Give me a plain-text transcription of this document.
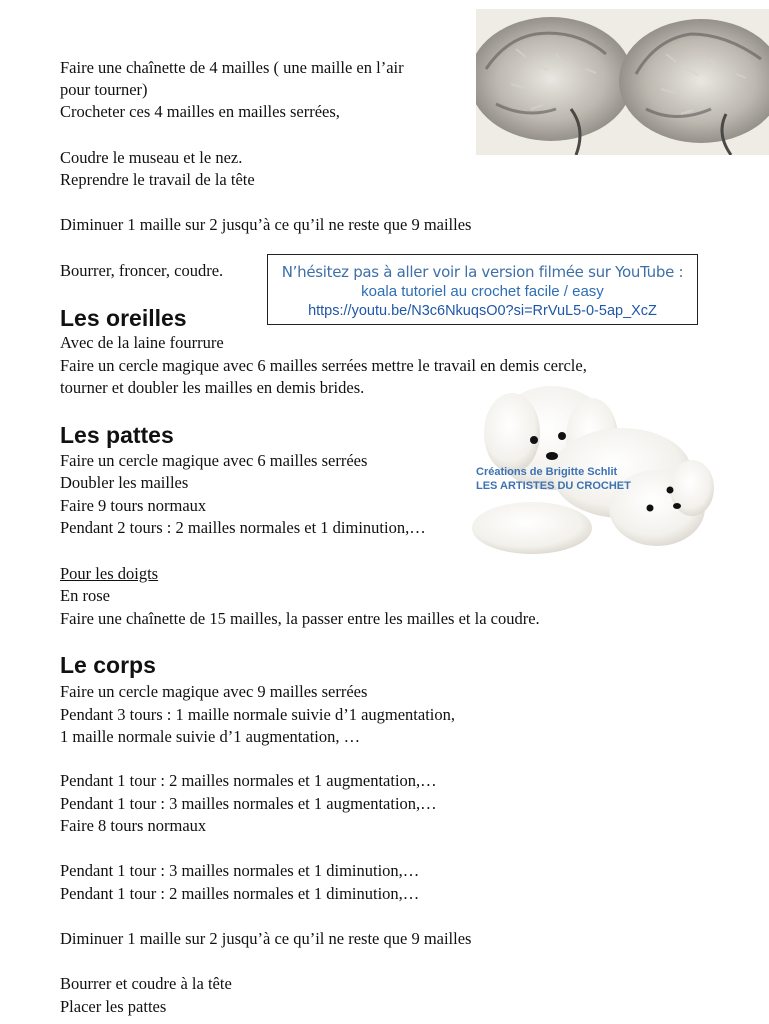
Faire une chaînette de 4 mailles ( une maille en l’air
pour tourner)
Crocheter ces 4 mailles en mailles serrées,
Coudre le museau et le nez.
Reprendre le travail de la tête
Diminuer 1 maille sur 2 jusqu’à ce qu’il ne reste que 9 mailles
Bourrer, froncer, coudre.	N’hésitez pas à aller voir la version filmée sur YouTube :
koala tutoriel au crochet facile / easy
https://youtu.be/N3c6NkuqsO0?si=RrVuL5-0-5ap_XcZ
Les oreilles
Avec de la laine fourrure
Faire un cercle magique avec 6 mailles serrées mettre le travail en demis cercle,
tourner et doubler les mailles en demis brides.
Créations de Brigitte Schlit
LES ARTISTES DU CROCHET
Les pattes
Faire un cercle magique avec 6 mailles serrées
Doubler les mailles
Faire 9 tours normaux
Pendant 2 tours : 2 mailles normales et 1 diminution,…
Pour les doigts
En rose
Faire une chaînette de 15 mailles, la passer entre les mailles et la coudre.
Le corps
Faire un cercle magique avec 9 mailles serrées
Pendant 3 tours : 1 maille normale suivie d’1 augmentation,
1 maille normale suivie d’1 augmentation, …
Pendant 1 tour : 2 mailles normales et 1 augmentation,…
Pendant 1 tour : 3 mailles normales et 1 augmentation,…
Faire 8 tours normaux
Pendant 1 tour : 3 mailles normales et 1 diminution,…
Pendant 1 tour : 2 mailles normales et 1 diminution,…
Diminuer 1 maille sur 2 jusqu’à ce qu’il ne reste que 9 mailles
Bourrer et coudre à la tête
Placer les pattes
